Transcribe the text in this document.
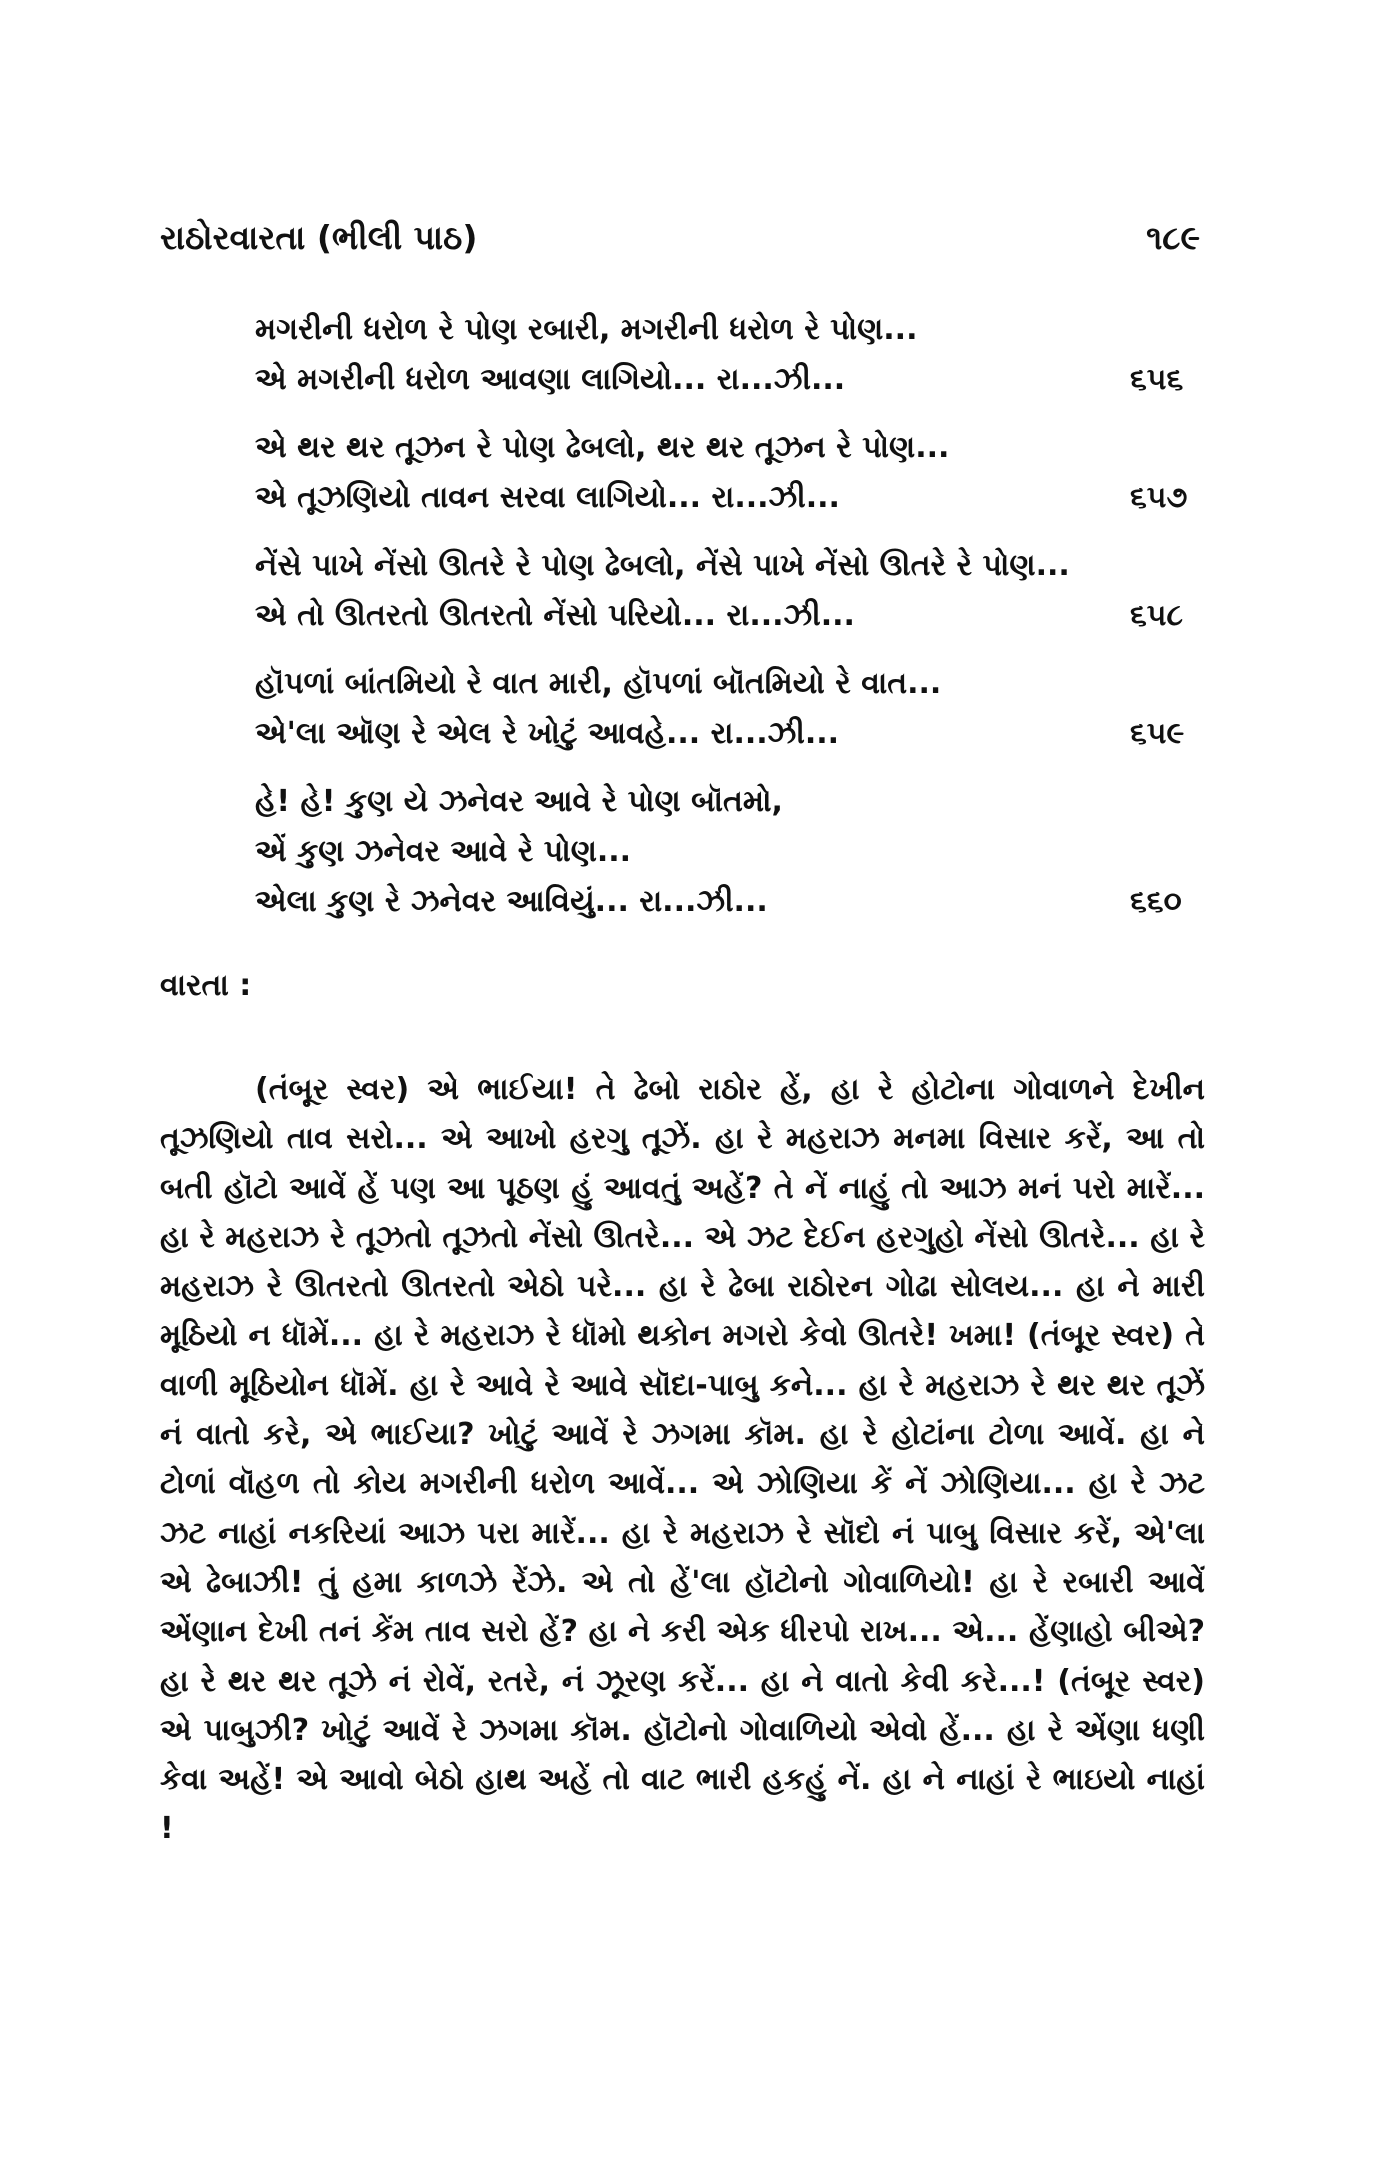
રાઠોરવારતા (ભીલી પાઠ)	૧૮૯
મગરીની ધરોળ રે પોણ રબારી, મગરીની ધરોળ રે પોણ...
એ મગરીની ધરોળ આવણા લાગિયો... રા...ઝી...	૬૫૬
એ થર થર તૂઝન રે પોણ ઢેબલો, થર થર તૂઝન રે પોણ...
એ તૂઝણિયો તાવન સરવા લાગિયો... રા...ઝી...	૬૫૭
નેંસે પાખે નેંસો ઊતરે રે પોણ ઢેબલો, નેંસે પાખે નેંસો ઊતરે રે પોણ...
એ તો ઊતરતો ઊતરતો નેંસો પરિયો... રા...ઝી...	૬૫૮
હૉપળાં બાંતમિયો રે વાત મારી, હૉપળાં બૉતમિયો રે વાત...
એ'લા ઑણ રે એલ રે ખોટું આવહે... રા...ઝી...	૬૫૯
હે! હે! કુણ યે ઝનેવર આવે રે પોણ બૉતમો,
એં કુણ ઝનેવર આવે રે પોણ...
એલા કુણ રે ઝનેવર આવિયું... રા...ઝી...	૬૬૦
વારતા :
(તંબૂર સ્વર) એ ભાઈયા! તે ઢેબો રાઠોર હેં, હા રે હોટોના ગોવાળને દેખીન તૂઝણિયો તાવ સરો... એ આખો હરગુ તૂઝેં. હા રે મહરાઝ મનમા વિસાર કરેં, આ તો બતી હૉટો આવેં હેં પણ આ પૂઠણ હું આવતું અહેં? તે નેં નાહું તો આઝ મનં પરો મારેં... હા રે મહરાઝ રે તૂઝતો તૂઝતો નેંસો ઊતરે... એ ઝટ દેઈન હરગુહો નેંસો ઊતરે... હા રે મહરાઝ રે ઊતરતો ઊતરતો એઠો પરે... હા રે ઢેબા રાઠોરન ગોઢા સોલય... હા ને મારી મૂઠિયો ન ધૉમેં... હા રે મહરાઝ રે ધૉમો થકોન મગરો કેવો ઊતરે! ખમા! (તંબૂર સ્વર) તે વાળી મૂઠિયોન ધૉમેં. હા રે આવે રે આવે સૉદા-પાબુ કને... હા રે મહરાઝ રે થર થર તૂઝેં નં વાતો કરે, એ ભાઈયા? ખોટું આવેં રે ઝગમા કૉમ. હા રે હોટાંના ટોળા આવેં. હા ને ટોળાં વૉહળ તો કોય મગરીની ધરોળ આવેં... એ ઝોણિયા કેં નેં ઝોણિયા... હા રે ઝટ ઝટ નાહાં નકરિયાં આઝ પરા મારેં... હા રે મહરાઝ રે સૉદો નં પાબુ વિસાર કરેં, એ'લા એ ઢેબાઝી! તું હમા કાળઝે રેંઝે. એ તો હેં'લા હૉટોનો ગોવાળિયો! હા રે રબારી આવેં એંણાન દેખી તનં કેંમ તાવ સરો હેં? હા ને કરી એક ધીરપો રાખ... એ... હેંણાહો બીએ? હા રે થર થર તૂઝે નં રોવેં, રતરે, નં ઝૂરણ કરેં... હા ને વાતો કેવી કરે...! (તંબૂર સ્વર) એ પાબુઝી? ખોટું આવેં રે ઝગમા કૉમ. હૉટોનો ગોવાળિયો એવો હેં... હા રે એંણા ધણી કેવા અહેં! એ આવો બેઠો હાથ અહેં તો વાટ ભારી હકહું નેં. હા ને નાહાં રે ભાઇયો નાહાં !
